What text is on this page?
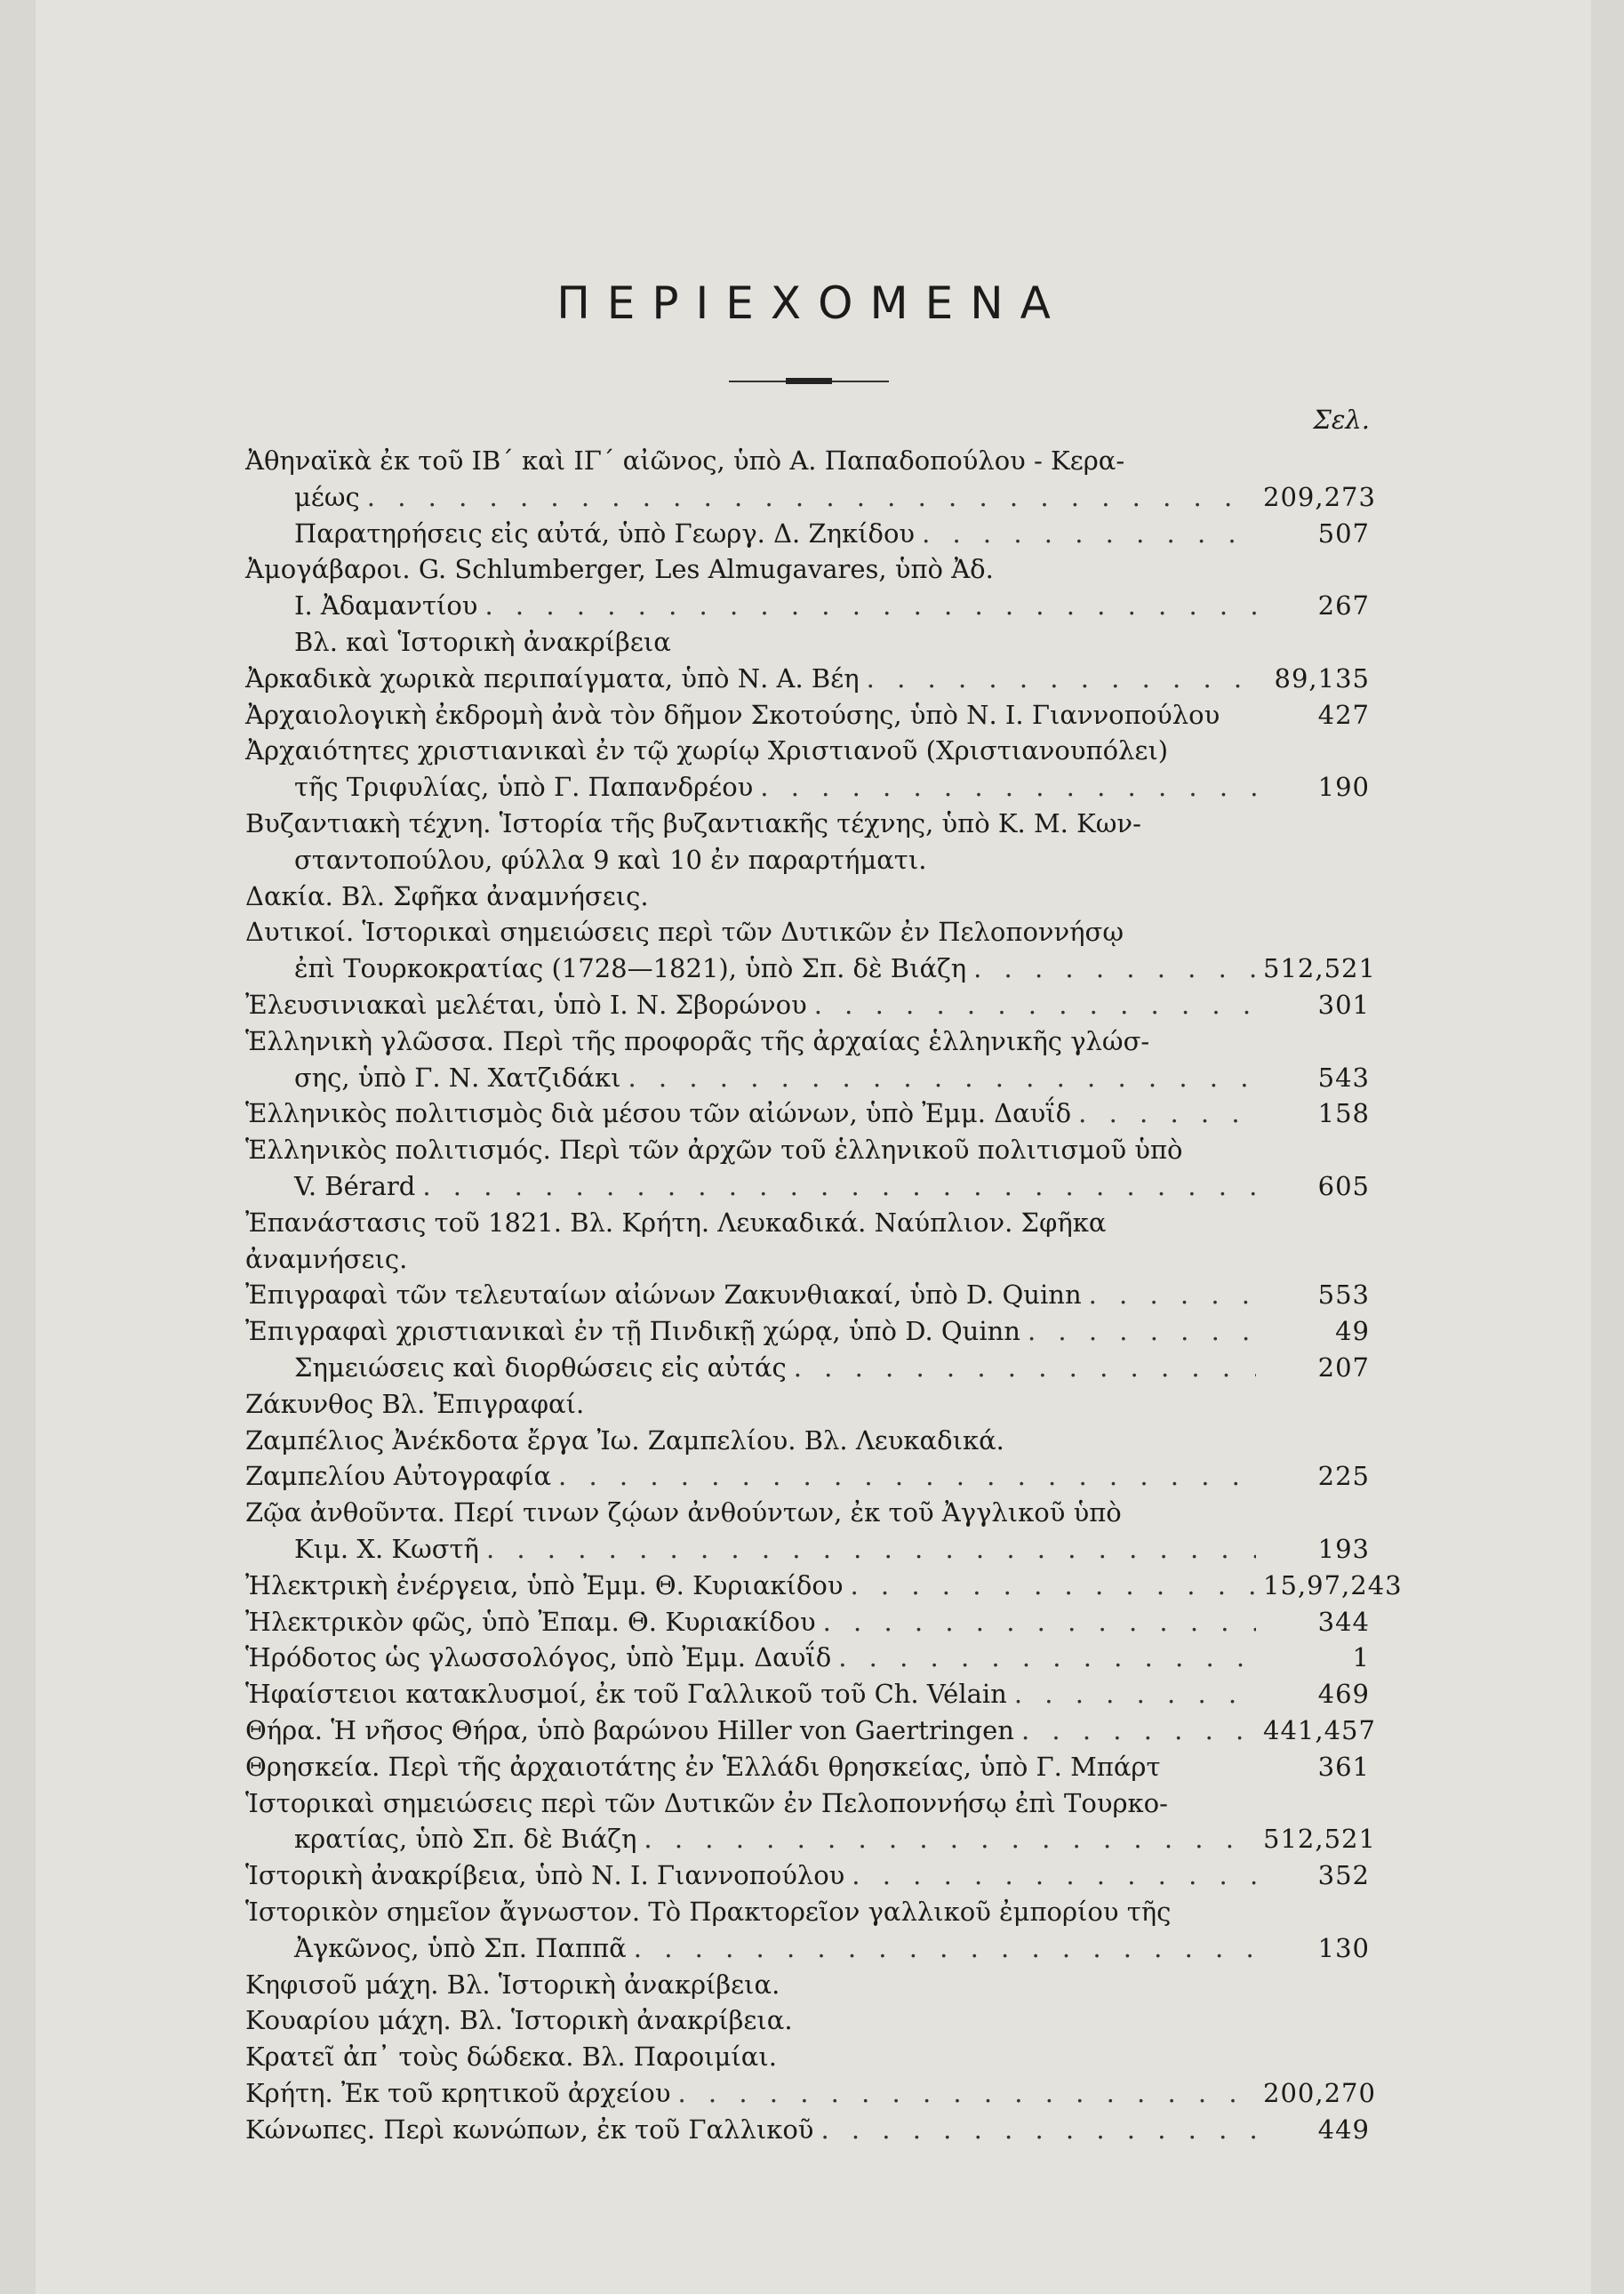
ΠΕΡΙΕΧΟΜΕΝΑ
Σελ.
Ἀθηναϊκὰ ἐκ τοῦ ΙΒ΄ καὶ ΙΓ΄ αἰῶνος, ὑπὸ Α. Παπαδοπούλου - Κερα-
μέως . . .	209,273
Παρατηρήσεις εἰς αὐτά, ὑπὸ Γεωργ. Δ. Ζηκίδου . . .	507
Ἀμογάβαροι. G. Schlumberger, Les Almugavares, ὑπὸ Ἀδ.
Ι. Ἀδαμαντίου . . .	267
Βλ. καὶ Ἱστορικὴ ἀνακρίβεια
Ἀρκαδικὰ χωρικὰ περιπαίγματα, ὑπὸ Ν. Α. Βέη . . .	89,135
Ἀρχαιολογικὴ ἐκδρομὴ ἀνὰ τὸν δῆμον Σκοτούσης, ὑπὸ Ν. Ι. Γιαννοπούλου	427
Ἀρχαιότητες χριστιανικαὶ ἐν τῷ χωρίῳ Χριστιανοῦ (Χριστιανουπόλει)
τῆς Τριφυλίας, ὑπὸ Γ. Παπανδρέου . . .	190
Βυζαντιακὴ τέχνη. Ἱστορία τῆς βυζαντιακῆς τέχνης, ὑπὸ Κ. Μ. Κων-
σταντοπούλου, φύλλα 9 καὶ 10 ἐν παραρτήματι.
Δακία. Βλ. Σφῆκα ἀναμνήσεις.
Δυτικοί. Ἱστορικαὶ σημειώσεις περὶ τῶν Δυτικῶν ἐν Πελοποννήσῳ
ἐπὶ Τουρκοκρατίας (1728—1821), ὑπὸ Σπ. δὲ Βιάζη . . .	512,521
Ἐλευσινιακαὶ μελέται, ὑπὸ Ι. Ν. Σβορώνου . . .	301
Ἑλληνικὴ γλῶσσα. Περὶ τῆς προφορᾶς τῆς ἀρχαίας ἑλληνικῆς γλώσ-
σης, ὑπὸ Γ. Ν. Χατζιδάκι . . .	543
Ἑλληνικὸς πολιτισμὸς διὰ μέσου τῶν αἰώνων, ὑπὸ Ἐμμ. Δαυΐδ . . .	158
Ἑλληνικὸς πολιτισμός. Περὶ τῶν ἀρχῶν τοῦ ἑλληνικοῦ πολιτισμοῦ ὑπὸ
V. Bérard . . .	605
Ἐπανάστασις τοῦ 1821. Βλ. Κρήτη. Λευκαδικά. Ναύπλιον. Σφῆκα
ἀναμνήσεις.
Ἐπιγραφαὶ τῶν τελευταίων αἰώνων Ζακυνθιακαί, ὑπὸ D. Quinn . . .	553
Ἐπιγραφαὶ χριστιανικαὶ ἐν τῇ Πινδικῇ χώρᾳ, ὑπὸ D. Quinn . . .	49
Σημειώσεις καὶ διορθώσεις εἰς αὐτάς . . .	207
Ζάκυνθος Βλ. Ἐπιγραφαί.
Ζαμπέλιος Ἀνέκδοτα ἔργα Ἰω. Ζαμπελίου. Βλ. Λευκαδικά.
Ζαμπελίου Αὐτογραφία . . .	225
Ζῷα ἀνθοῦντα. Περί τινων ζῴων ἀνθούντων, ἐκ τοῦ Ἀγγλικοῦ ὑπὸ
Κιμ. Χ. Κωστῆ . . .	193
Ἠλεκτρικὴ ἐνέργεια, ὑπὸ Ἐμμ. Θ. Κυριακίδου . . .	15,97,243
Ἠλεκτρικὸν φῶς, ὑπὸ Ἐπαμ. Θ. Κυριακίδου . . .	344
Ἡρόδοτος ὡς γλωσσολόγος, ὑπὸ Ἐμμ. Δαυΐδ . . .	1
Ἡφαίστειοι κατακλυσμοί, ἐκ τοῦ Γαλλικοῦ τοῦ Ch. Vélain . . .	469
Θήρα. Ἡ νῆσος Θήρα, ὑπὸ βαρώνου Hiller von Gaertringen . . .	441,457
Θρησκεία. Περὶ τῆς ἀρχαιοτάτης ἐν Ἑλλάδι θρησκείας, ὑπὸ Γ. Μπάρτ	361
Ἱστορικαὶ σημειώσεις περὶ τῶν Δυτικῶν ἐν Πελοποννήσῳ ἐπὶ Τουρκο-
κρατίας, ὑπὸ Σπ. δὲ Βιάζη . . .	512,521
Ἱστορικὴ ἀνακρίβεια, ὑπὸ Ν. Ι. Γιαννοπούλου . . .	352
Ἱστορικὸν σημεῖον ἄγνωστον. Τὸ Πρακτορεῖον γαλλικοῦ ἐμπορίου τῆς
Ἀγκῶνος, ὑπὸ Σπ. Παππᾶ . . .	130
Κηφισοῦ μάχη. Βλ. Ἱστορικὴ ἀνακρίβεια.
Κουαρίου μάχη. Βλ. Ἱστορικὴ ἀνακρίβεια.
Κρατεῖ ἀπ᾽ τοὺς δώδεκα. Βλ. Παροιμίαι.
Κρήτη. Ἐκ τοῦ κρητικοῦ ἀρχείου . . .	200,270
Κώνωπες. Περὶ κωνώπων, ἐκ τοῦ Γαλλικοῦ . . .	449
